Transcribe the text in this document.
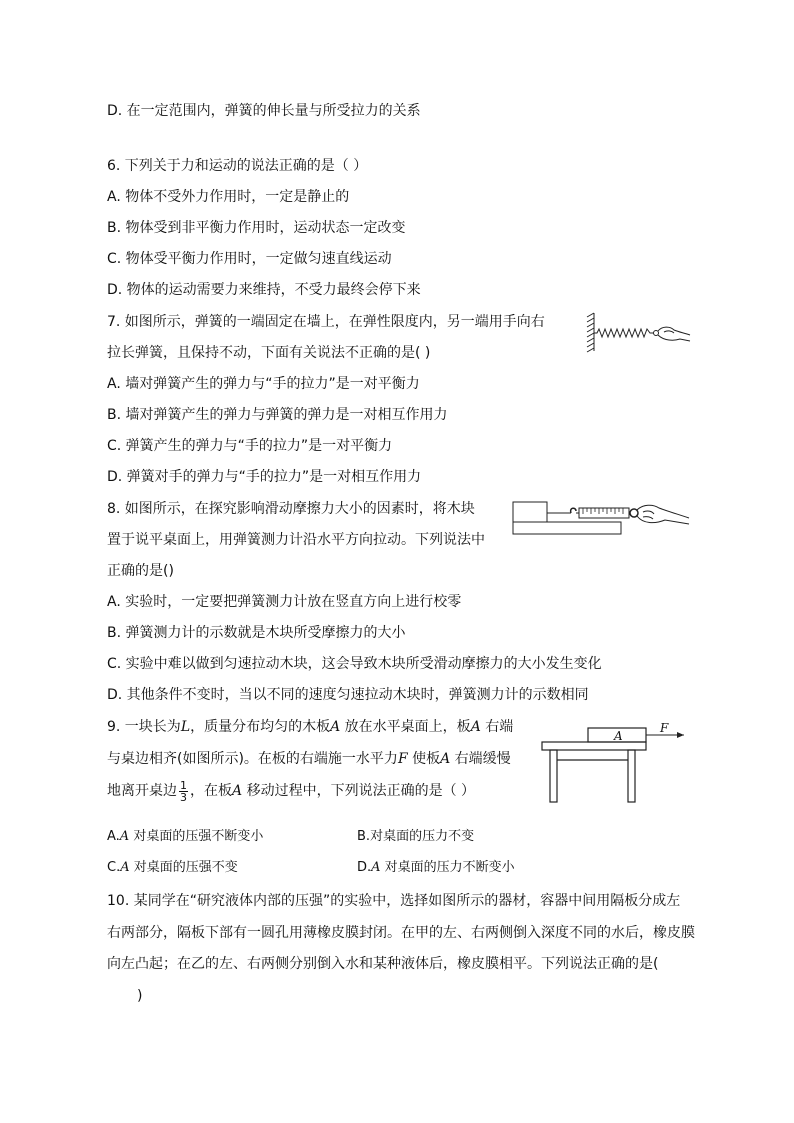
D. 在一定范围内，弹簧的伸长量与所受拉力的关系
6. 下列关于力和运动的说法正确的是（ ）
A. 物体不受外力作用时，一定是静止的
B. 物体受到非平衡力作用时，运动状态一定改变
C. 物体受平衡力作用时，一定做匀速直线运动
D. 物体的运动需要力来维持，不受力最终会停下来
7. 如图所示，弹簧的一端固定在墙上，在弹性限度内，另一端用手向右
拉长弹簧，且保持不动，下面有关说法不正确的是( )
A. 墙对弹簧产生的弹力与“手的拉力”是一对平衡力
B. 墙对弹簧产生的弹力与弹簧的弹力是一对相互作用力
C. 弹簧产生的弹力与“手的拉力”是一对平衡力
D. 弹簧对手的弹力与“手的拉力”是一对相互作用力
8. 如图所示，在探究影响滑动摩擦力大小的因素时，将木块
置于说平桌面上，用弹簧测力计沿水平方向拉动。下列说法中
正确的是()
A. 实验时，一定要把弹簧测力计放在竖直方向上进行校零
B. 弹簧测力计的示数就是木块所受摩擦力的大小
C. 实验中难以做到匀速拉动木块，这会导致木块所受滑动摩擦力的大小发生变化
D. 其他条件不变时，当以不同的速度匀速拉动木块时，弹簧测力计的示数相同
9. 一块长为L，质量分布均匀的木板A 放在水平桌面上，板A 右端
与桌边相齐(如图所示)。在板的右端施一水平力F 使板A 右端缓慢
地离开桌边 $\frac{1}{3}$ ，在板A 移动过程中，下列说法正确的是（ ）
A.A 对桌面的压强不断变小	B.对桌面的压力不变
C.A 对桌面的压强不变	D.A 对桌面的压力不断变小
A
F
10. 某同学在“研究液体内部的压强”的实验中，选择如图所示的器材，容器中间用隔板分成左
右两部分，隔板下部有一圆孔用薄橡皮膜封闭。在甲的左、右两侧倒入深度不同的水后，橡皮膜
向左凸起；在乙的左、右两侧分别倒入水和某种液体后，橡皮膜相平。下列说法正确的是(
)
